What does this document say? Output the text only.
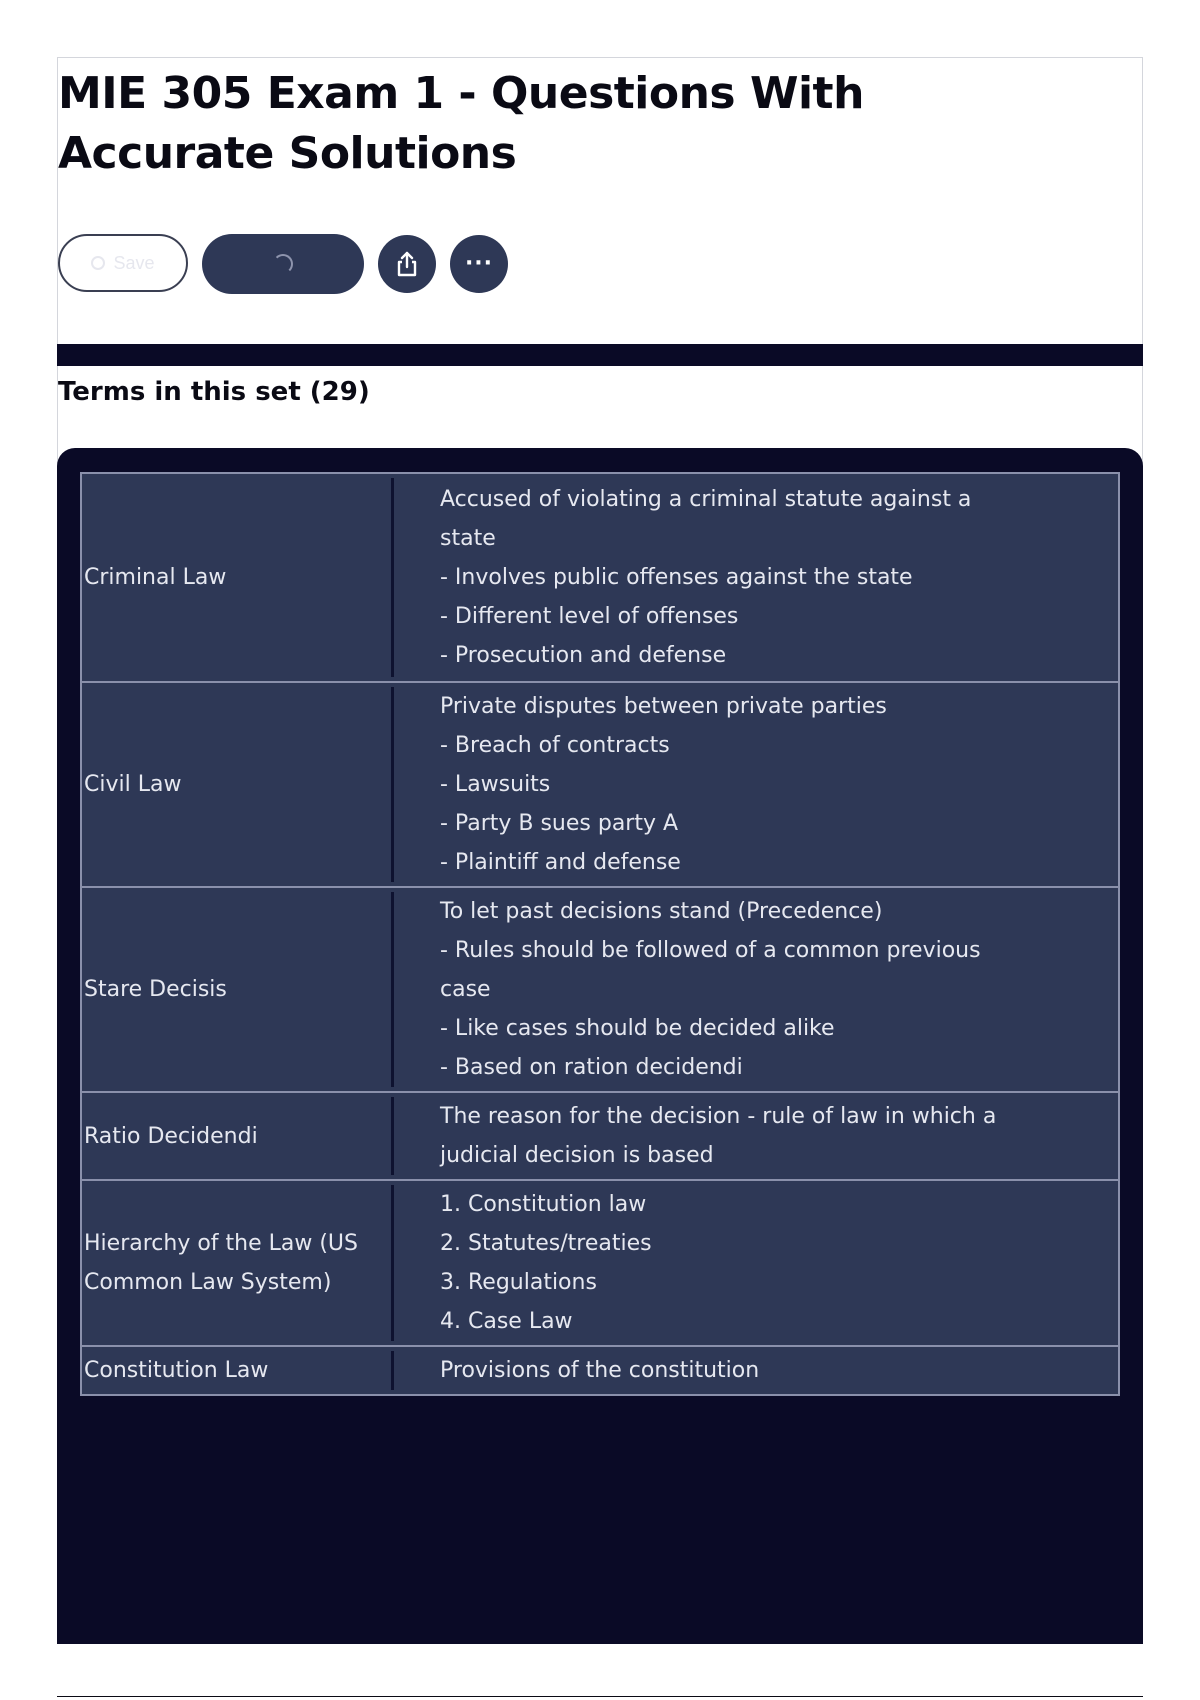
MIE 305 Exam 1 - Questions With Accurate Solutions
Save	···
Terms in this set (29)
Criminal Law	Accused of violating a criminal statute against a
state
- Involves public offenses against the state
- Different level of offenses
- Prosecution and defense

Civil Law	Private disputes between private parties
- Breach of contracts
- Lawsuits
- Party B sues party A
- Plaintiff and defense

Stare Decisis	To let past decisions stand (Precedence)
- Rules should be followed of a common previous
case
- Like cases should be decided alike
- Based on ration decidendi

Ratio Decidendi	The reason for the decision - rule of law in which a
judicial decision is based

Hierarchy of the Law (US Common Law System)	1. Constitution law
2. Statutes/treaties
3. Regulations
4. Case Law

Constitution Law	Provisions of the constitution
